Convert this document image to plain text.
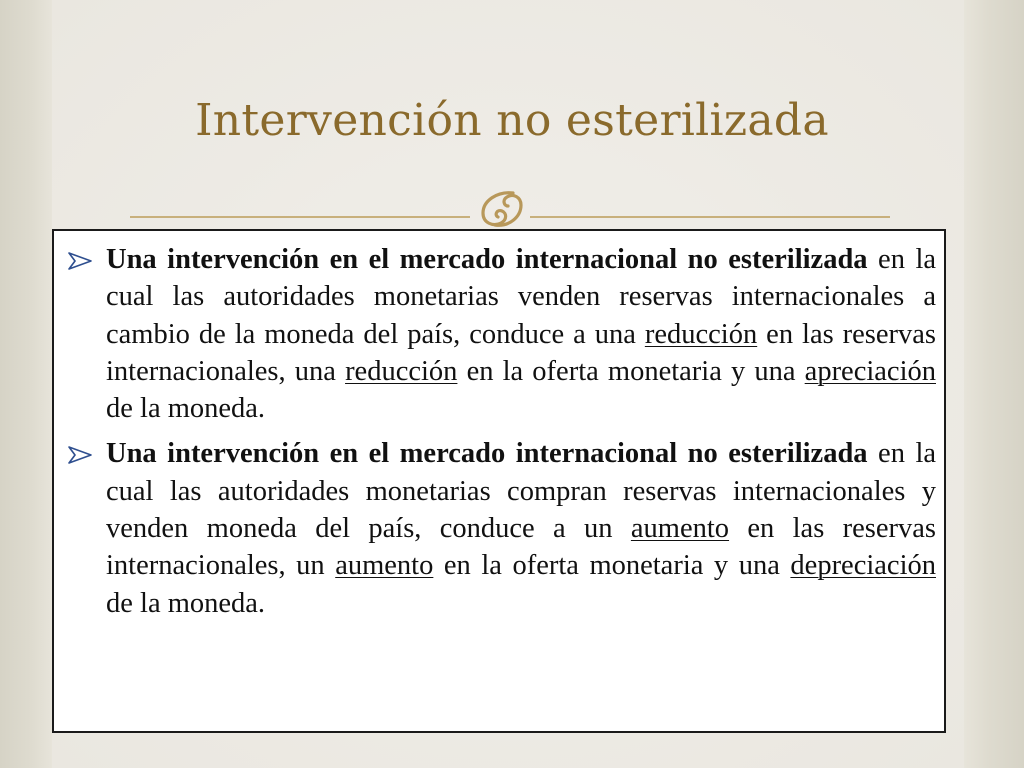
Intervención no esterilizada
Una intervención en el mercado internacional no esterilizada en la cual las autoridades monetarias venden reservas internacionales a cambio de la moneda del país, conduce a una reducción en las reservas internacionales, una reducción en la oferta monetaria y una apreciación de la moneda.
Una intervención en el mercado internacional no esterilizada en la cual las autoridades monetarias compran reservas internacionales y venden moneda del país, conduce a un aumento en las reservas internacionales, un aumento en la oferta monetaria y una depreciación de la moneda.
